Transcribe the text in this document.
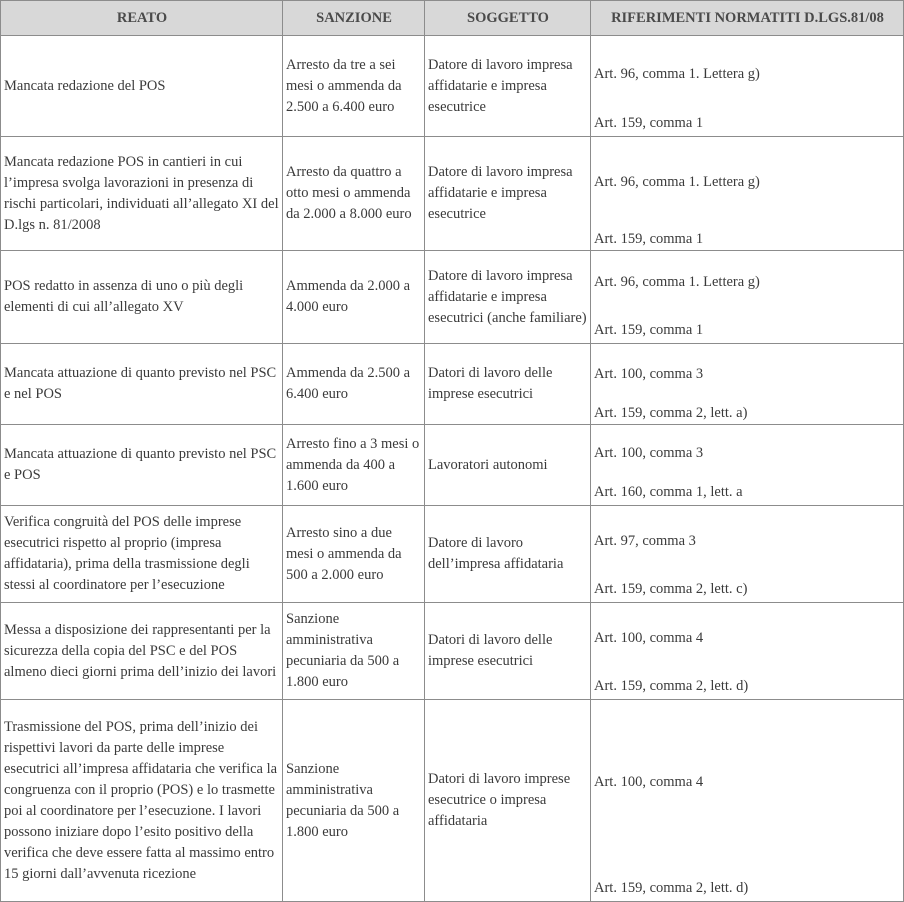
REATO	SANZIONE	SOGGETTO	RIFERIMENTI NORMATITI D.LGS.81/08
Mancata redazione del POS	Arresto da tre a sei mesi o ammenda da 2.500 a 6.400 euro	Datore di lavoro impresa affidatarie e impresa esecutrice	Art. 96, comma 1. Lettera g)
Art. 159, comma 1

Mancata redazione POS in cantieri in cui l’impresa svolga lavorazioni in presenza di rischi particolari, individuati all’allegato XI del D.lgs n. 81/2008	Arresto da quattro a otto mesi o ammenda da 2.000 a 8.000 euro	Datore di lavoro impresa affidatarie e impresa esecutrice	Art. 96, comma 1. Lettera g)
Art. 159, comma 1

POS redatto in assenza di uno o più degli elementi di cui all’allegato XV	Ammenda da 2.000 a 4.000 euro	Datore di lavoro impresa affidatarie e impresa esecutrici (anche familiare)	Art. 96, comma 1. Lettera g)
Art. 159, comma 1

Mancata attuazione di quanto previsto nel PSC e nel POS	Ammenda da 2.500 a 6.400 euro	Datori di lavoro delle imprese esecutrici	Art. 100, comma 3
Art. 159, comma 2, lett. a)

Mancata attuazione di quanto previsto nel PSC e POS	Arresto fino a 3 mesi o ammenda da 400 a 1.600 euro	Lavoratori autonomi	Art. 100, comma 3
Art. 160, comma 1, lett. a

Verifica congruità del POS delle imprese esecutrici rispetto al proprio (impresa affidataria), prima della trasmissione degli stessi al coordinatore per l’esecuzione	Arresto sino a due mesi o ammenda da 500 a 2.000 euro	Datore di lavoro dell’impresa affidataria	Art. 97, comma 3
Art. 159, comma 2, lett. c)

Messa a disposizione dei rappresentanti per la sicurezza della copia del PSC e del POS almeno dieci giorni prima dell’inizio dei lavori	Sanzione amministrativa pecuniaria da 500 a 1.800 euro	Datori di lavoro delle imprese esecutrici	Art. 100, comma 4
Art. 159, comma 2, lett. d)

Trasmissione del POS, prima dell’inizio dei rispettivi lavori da parte delle imprese esecutrici all’impresa affidataria che verifica la congruenza con il proprio (POS) e lo trasmette poi al coordinatore per l’esecuzione. I lavori possono iniziare dopo l’esito positivo della verifica che deve essere fatta al massimo entro 15 giorni dall’avvenuta ricezione	Sanzione amministrativa pecuniaria da 500 a 1.800 euro	Datori di lavoro imprese esecutrice o impresa affidataria	Art. 100, comma 4
Art. 159, comma 2, lett. d)
